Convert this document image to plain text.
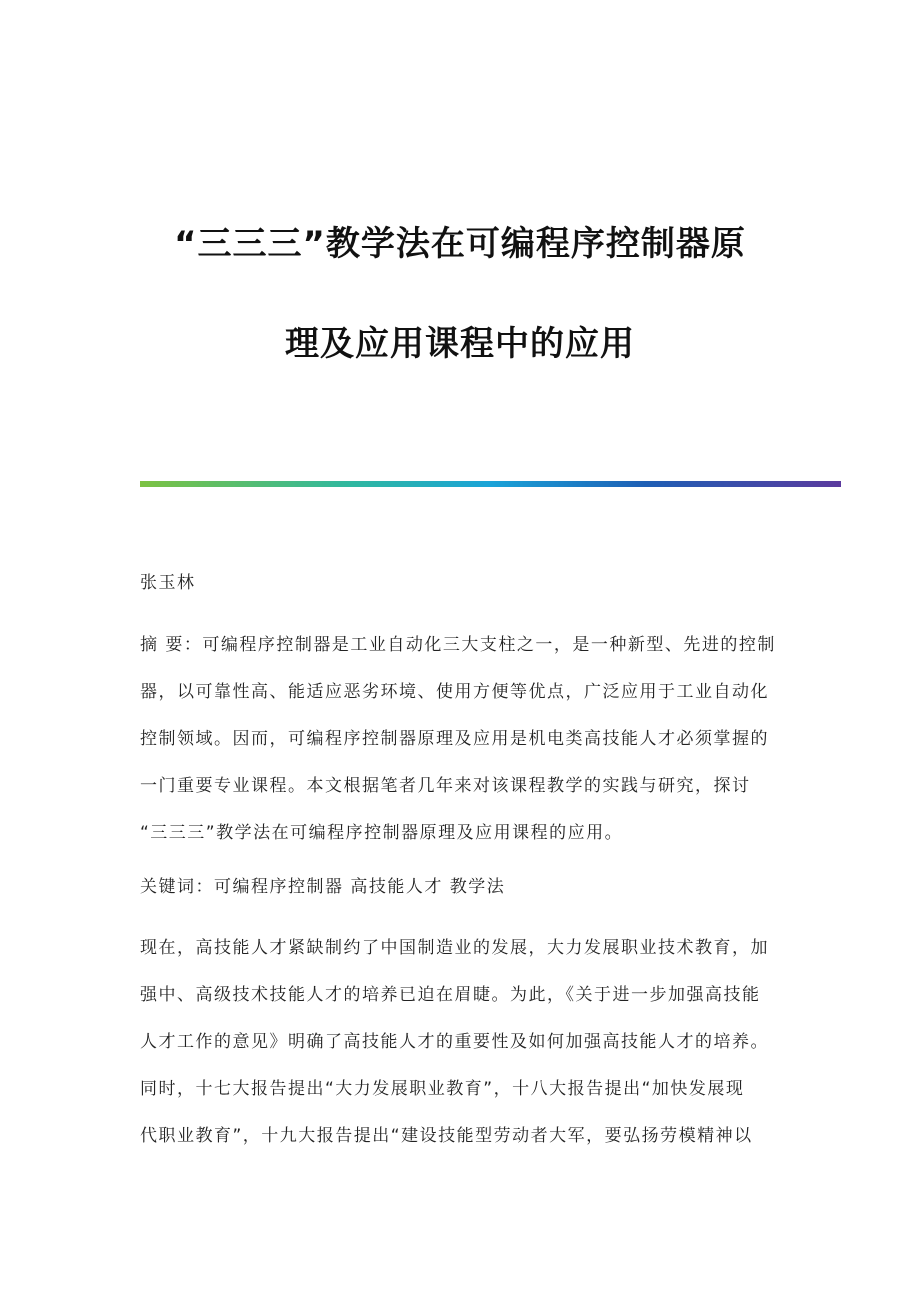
“三三三”教学法在可编程序控制器原
理及应用课程中的应用
张玉林
摘 要：可编程序控制器是工业自动化三大支柱之一，是一种新型、先进的控制
器，以可靠性高、能适应恶劣环境、使用方便等优点，广泛应用于工业自动化
控制领域。因而，可编程序控制器原理及应用是机电类高技能人才必须掌握的
一门重要专业课程。本文根据笔者几年来对该课程教学的实践与研究，探讨
“三三三”教学法在可编程序控制器原理及应用课程的应用。
关键词：可编程序控制器 高技能人才 教学法
现在，高技能人才紧缺制约了中国制造业的发展，大力发展职业技术教育，加
强中、高级技术技能人才的培养已迫在眉睫。为此，《关于进一步加强高技能
人才工作的意见》明确了高技能人才的重要性及如何加强高技能人才的培养。
同时，十七大报告提出“大力发展职业教育”，十八大报告提出“加快发展现
代职业教育”，十九大报告提出“建设技能型劳动者大军，要弘扬劳模精神以
